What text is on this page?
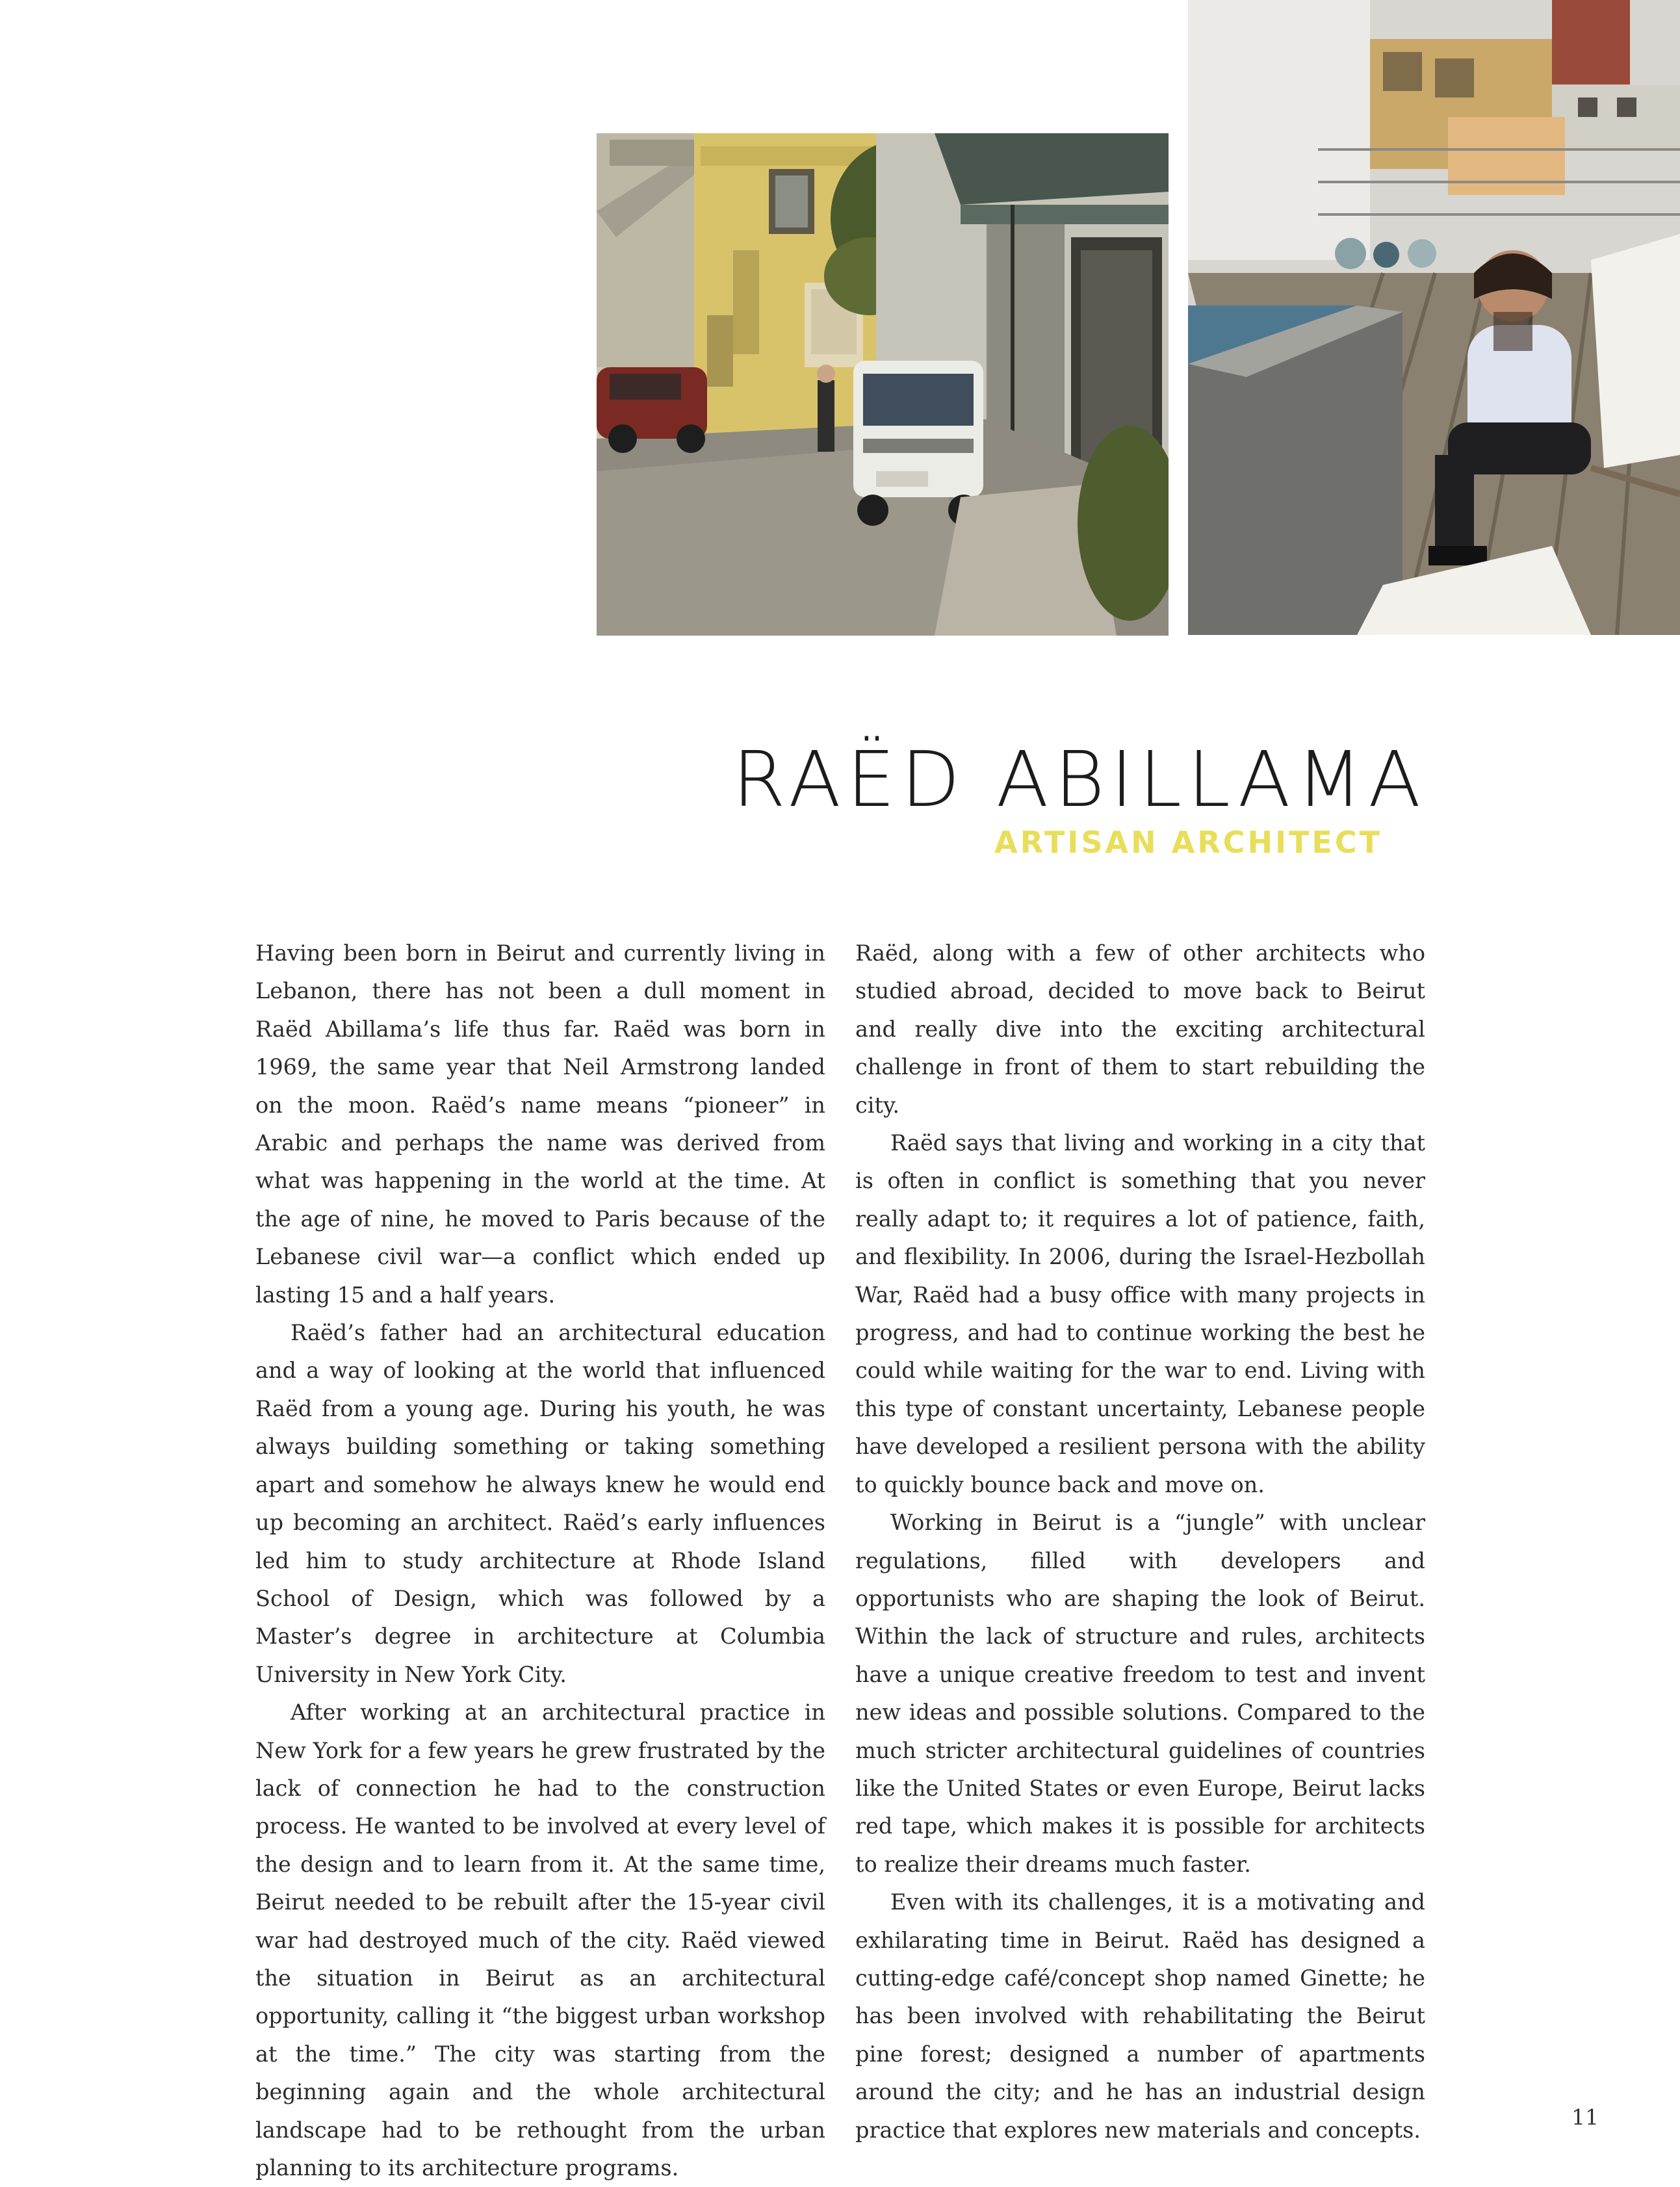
RAËD ABILLAMA
ARTISAN ARCHITECT

Having been born in Beirut and currently living in Lebanon, there has not been a dull moment in Raëd Abillama’s life thus far. Raëd was born in 1969, the same year that Neil Armstrong landed on the moon. Raëd’s name means “pioneer” in Arabic and perhaps the name was derived from what was happening in the world at the time. At the age of nine, he moved to Paris because of the Lebanese civil war—a conflict which ended up lasting 15 and a half years.

Raëd’s father had an architectural education and a way of looking at the world that influenced Raëd from a young age. During his youth, he was always building something or taking something apart and somehow he always knew he would end up becoming an architect. Raëd’s early influences led him to study architecture at Rhode Island School of Design, which was followed by a Master’s degree in architecture at Columbia University in New York City.

After working at an architectural practice in New York for a few years he grew frustrated by the lack of connection he had to the construction process. He wanted to be involved at every level of the design and to learn from it. At the same time, Beirut needed to be rebuilt after the 15-year civil war had destroyed much of the city. Raëd viewed the situation in Beirut as an architectural opportunity, calling it “the biggest urban workshop at the time.” The city was starting from the beginning again and the whole architectural landscape had to be rethought from the urban planning to its architecture programs.

Raëd, along with a few of other architects who studied abroad, decided to move back to Beirut and really dive into the exciting architectural challenge in front of them to start rebuilding the city.

Raëd says that living and working in a city that is often in conflict is something that you never really adapt to; it requires a lot of patience, faith, and flexibility. In 2006, during the Israel-Hezbollah War, Raëd had a busy office with many projects in progress, and had to continue working the best he could while waiting for the war to end. Living with this type of constant uncertainty, Lebanese people have developed a resilient persona with the ability to quickly bounce back and move on.

Working in Beirut is a “jungle” with unclear regulations, filled with developers and opportunists who are shaping the look of Beirut. Within the lack of structure and rules, architects have a unique creative freedom to test and invent new ideas and possible solutions. Compared to the much stricter architectural guidelines of countries like the United States or even Europe, Beirut lacks red tape, which makes it is possible for architects to realize their dreams much faster.

Even with its challenges, it is a motivating and exhilarating time in Beirut. Raëd has designed a cutting-edge café/concept shop named Ginette; he has been involved with rehabilitating the Beirut pine forest; designed a number of apartments around the city; and he has an industrial design practice that explores new materials and concepts.

11
